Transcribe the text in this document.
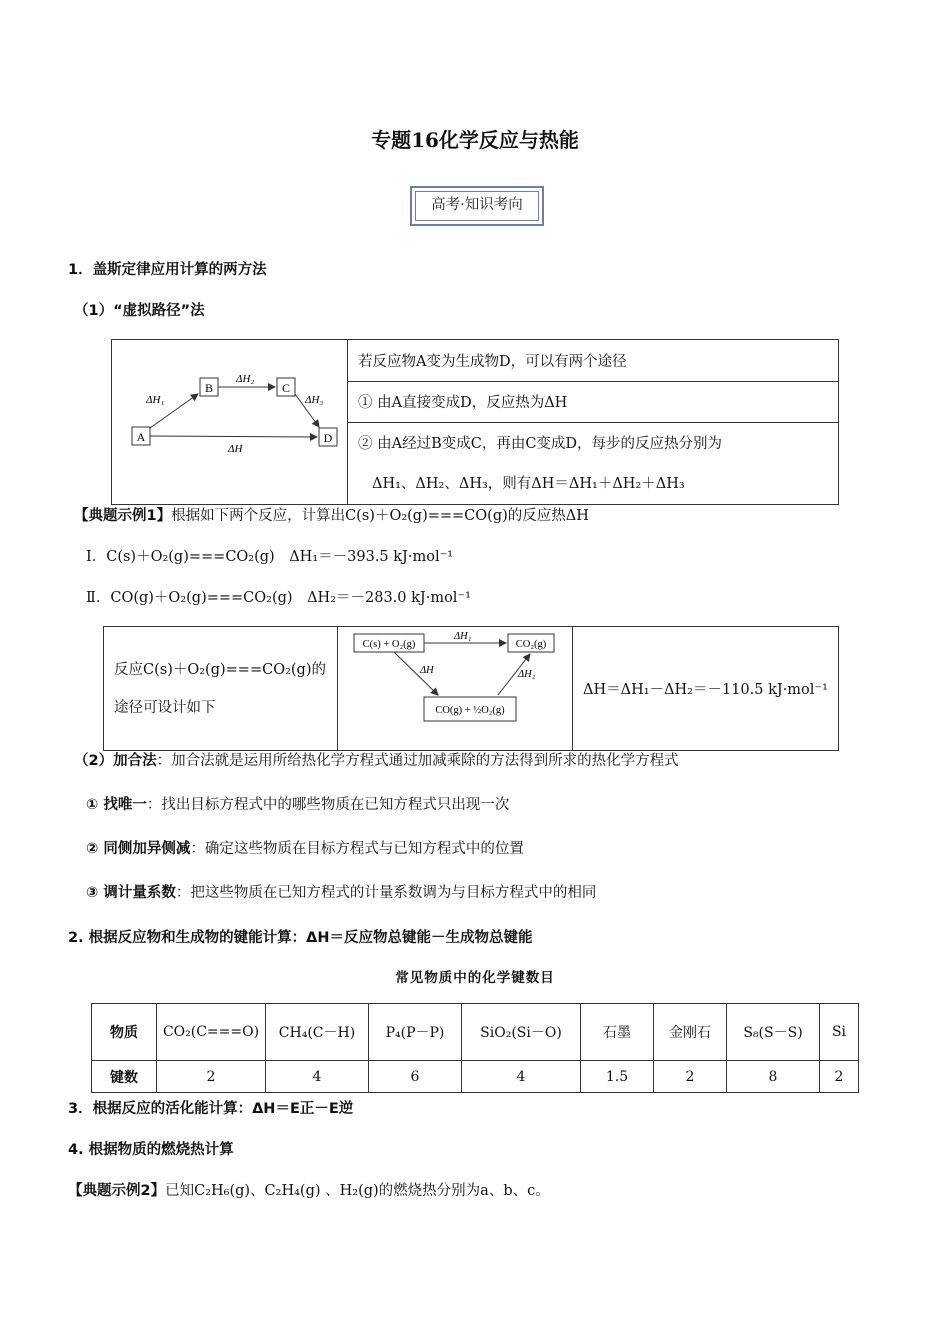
专题16化学反应与热能
高考·知识考向
1．盖斯定律应用计算的两方法
（1）“虚拟路径”法
A
B	C
D
ΔH₁
ΔH₂
ΔH₃
ΔH
	若反应物A变为生成物D，可以有两个途径
① 由A直接变成D，反应热为ΔH

② 由A经过B变成C，再由C变成D，每步的反应热分别为
ΔH₁、ΔH₂、ΔH₃，则有ΔH＝ΔH₁＋ΔH₂＋ΔH₃
【典题示例1】根据如下两个反应，计算出C(s)＋O₂(g)===CO(g)的反应热ΔH
Ⅰ．C(s)＋O₂(g)===CO₂(g)　ΔH₁＝－393.5 kJ·mol⁻¹
Ⅱ．CO(g)＋O₂(g)===CO₂(g)　ΔH₂＝－283.0 kJ·mol⁻¹
反应C(s)＋O₂(g)===CO₂(g)的
途径可设计如下

C(s) + O₂(g)	CO₂(g)
CO(g) + ½O₂(g)
ΔH₁
ΔH	ΔH₂
	ΔH＝ΔH₁－ΔH₂＝－110.5 kJ·mol⁻¹
（2）加合法：加合法就是运用所给热化学方程式通过加减乘除的方法得到所求的热化学方程式
① 找唯一：找出目标方程式中的哪些物质在已知方程式只出现一次
② 同侧加异侧减：确定这些物质在目标方程式与已知方程式中的位置
③ 调计量系数：把这些物质在已知方程式的计量系数调为与目标方程式中的相同
2. 根据反应物和生成物的键能计算：ΔH＝反应物总键能－生成物总键能
常见物质中的化学键数目
物质	CO₂(C===O)	CH₄(C－H)	P₄(P－P)	SiO₂(Si－O)	石墨	金刚石	S₈(S－S)	Si
键数	2	4	6	4	1.5	2	8	2
3．根据反应的活化能计算：ΔH＝E正－E逆
4. 根据物质的燃烧热计算
【典题示例2】已知C₂H₆(g)、C₂H₄(g) 、H₂(g)的燃烧热分别为a、b、c。
